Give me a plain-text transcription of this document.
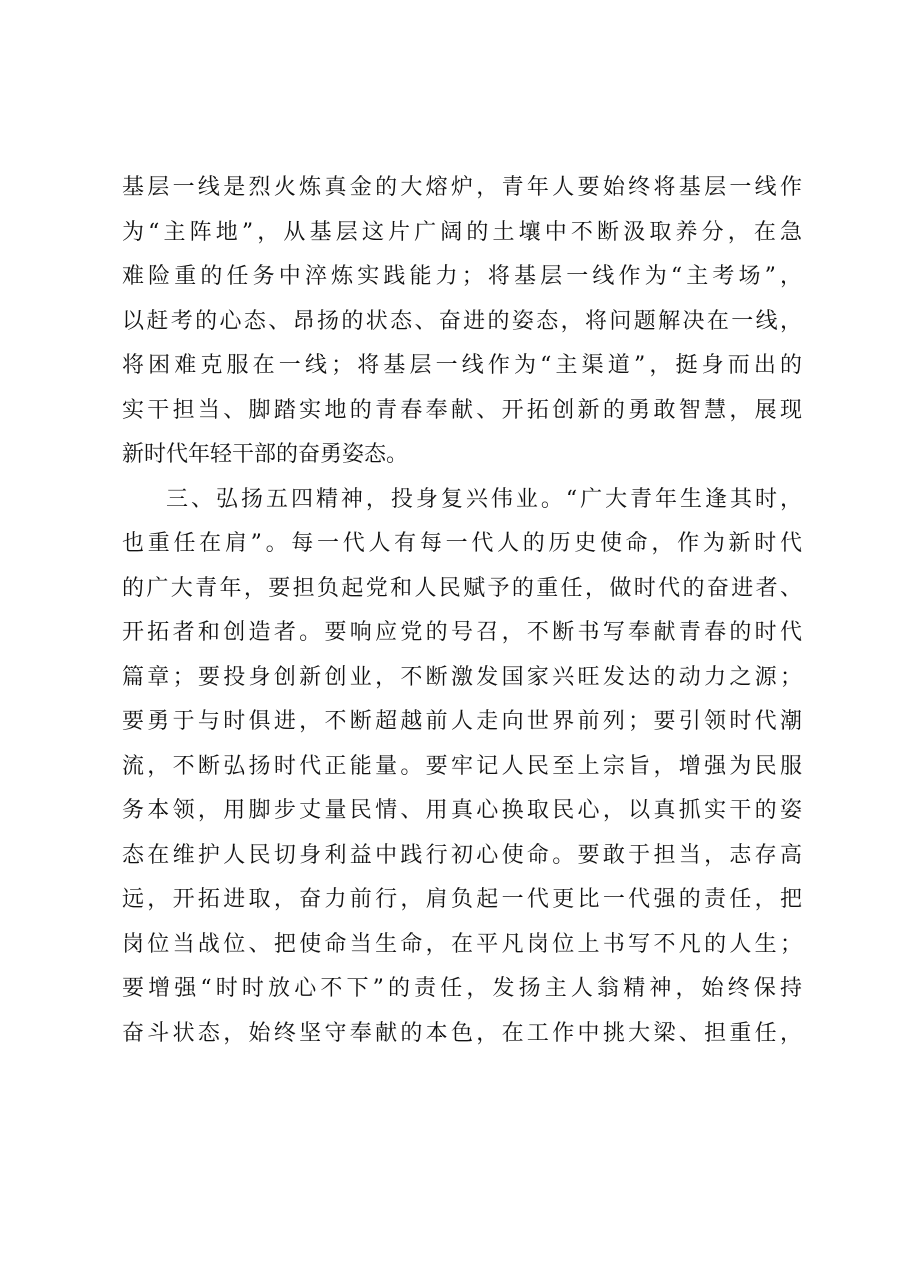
基层一线是烈火炼真金的大熔炉，青年人要始终将基层一线作
为“主阵地”，从基层这片广阔的土壤中不断汲取养分，在急
难险重的任务中淬炼实践能力；将基层一线作为“主考场”，
以赶考的心态、昂扬的状态、奋进的姿态，将问题解决在一线，
将困难克服在一线；将基层一线作为“主渠道”，挺身而出的
实干担当、脚踏实地的青春奉献、开拓创新的勇敢智慧，展现
新时代年轻干部的奋勇姿态。
三、弘扬五四精神，投身复兴伟业。“广大青年生逢其时，
也重任在肩”。每一代人有每一代人的历史使命，作为新时代
的广大青年，要担负起党和人民赋予的重任，做时代的奋进者、
开拓者和创造者。要响应党的号召，不断书写奉献青春的时代
篇章；要投身创新创业，不断激发国家兴旺发达的动力之源；
要勇于与时俱进，不断超越前人走向世界前列；要引领时代潮
流，不断弘扬时代正能量。要牢记人民至上宗旨，增强为民服
务本领，用脚步丈量民情、用真心换取民心，以真抓实干的姿
态在维护人民切身利益中践行初心使命。要敢于担当，志存高
远，开拓进取，奋力前行，肩负起一代更比一代强的责任，把
岗位当战位、把使命当生命，在平凡岗位上书写不凡的人生；
要增强“时时放心不下”的责任，发扬主人翁精神，始终保持
奋斗状态，始终坚守奉献的本色，在工作中挑大梁、担重任，
